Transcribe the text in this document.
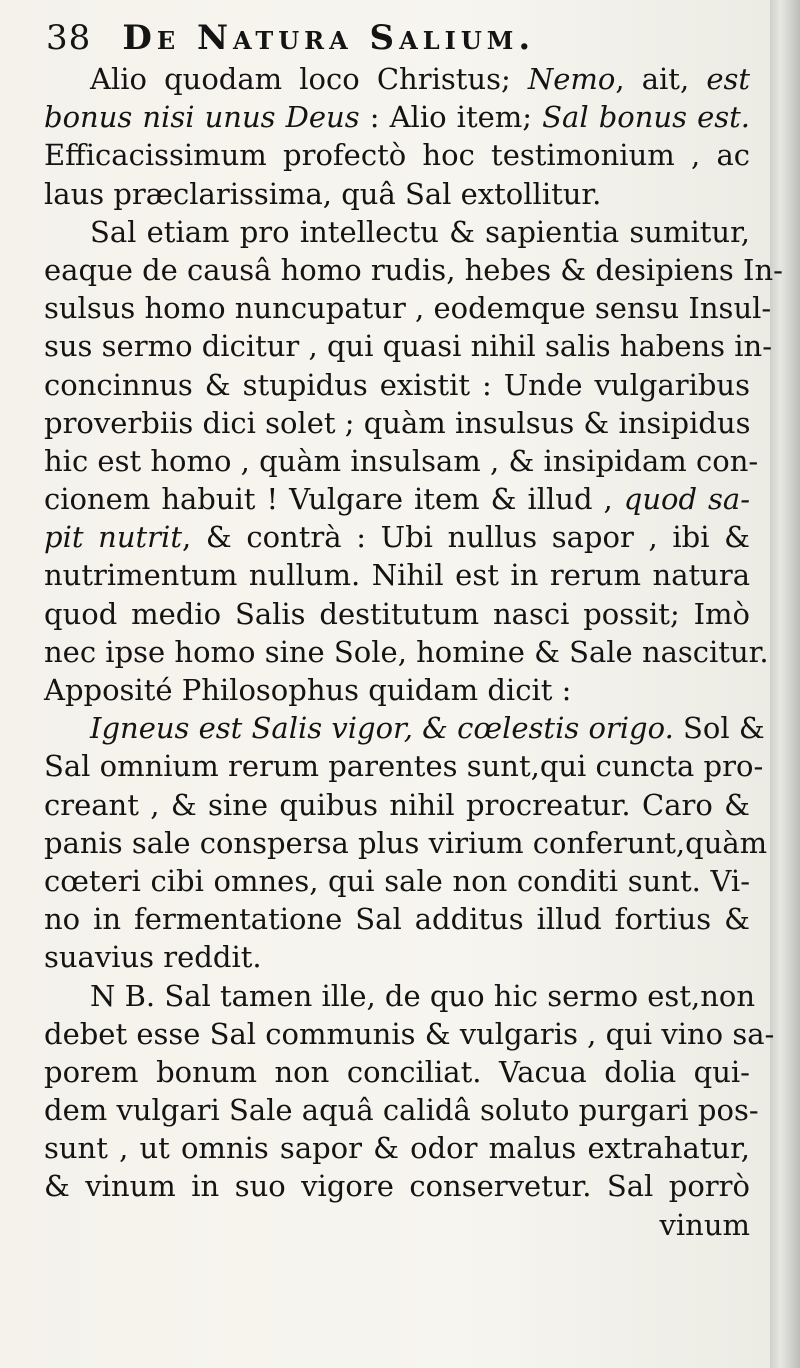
38 De Natura Salium.
Alio quodam loco Christus; Nemo, ait, est
bonus nisi unus Deus : Alio item; Sal bonus est.
Efficacissimum profectò hoc testimonium , ac
laus præclarissima, quâ Sal extollitur.
Sal etiam pro intellectu & sapientia sumitur,
eaque de causâ homo rudis, hebes & desipiens In-
sulsus homo nuncupatur , eodemque sensu Insul-
sus sermo dicitur , qui quasi nihil salis habens in-
concinnus & stupidus existit : Unde vulgaribus
proverbiis dici solet ; quàm insulsus & insipidus
hic est homo , quàm insulsam , & insipidam con-
cionem habuit ! Vulgare item & illud , quod sa-
pit nutrit, & contrà : Ubi nullus sapor , ibi &
nutrimentum nullum. Nihil est in rerum natura
quod medio Salis destitutum nasci possit; Imò
nec ipse homo sine Sole, homine & Sale nascitur.
Apposité Philosophus quidam dicit :
Igneus est Salis vigor, & cœlestis origo. Sol &
Sal omnium rerum parentes sunt,qui cuncta pro-
creant , & sine quibus nihil procreatur. Caro &
panis sale conspersa plus virium conferunt,quàm
cœteri cibi omnes, qui sale non conditi sunt. Vi-
no in fermentatione Sal additus illud fortius &
suavius reddit.
N B. Sal tamen ille, de quo hic sermo est,non
debet esse Sal communis & vulgaris , qui vino sa-
porem bonum non conciliat. Vacua dolia qui-
dem vulgari Sale aquâ calidâ soluto purgari pos-
sunt , ut omnis sapor & odor malus extrahatur,
& vinum in suo vigore conservetur. Sal porrò
vinum
